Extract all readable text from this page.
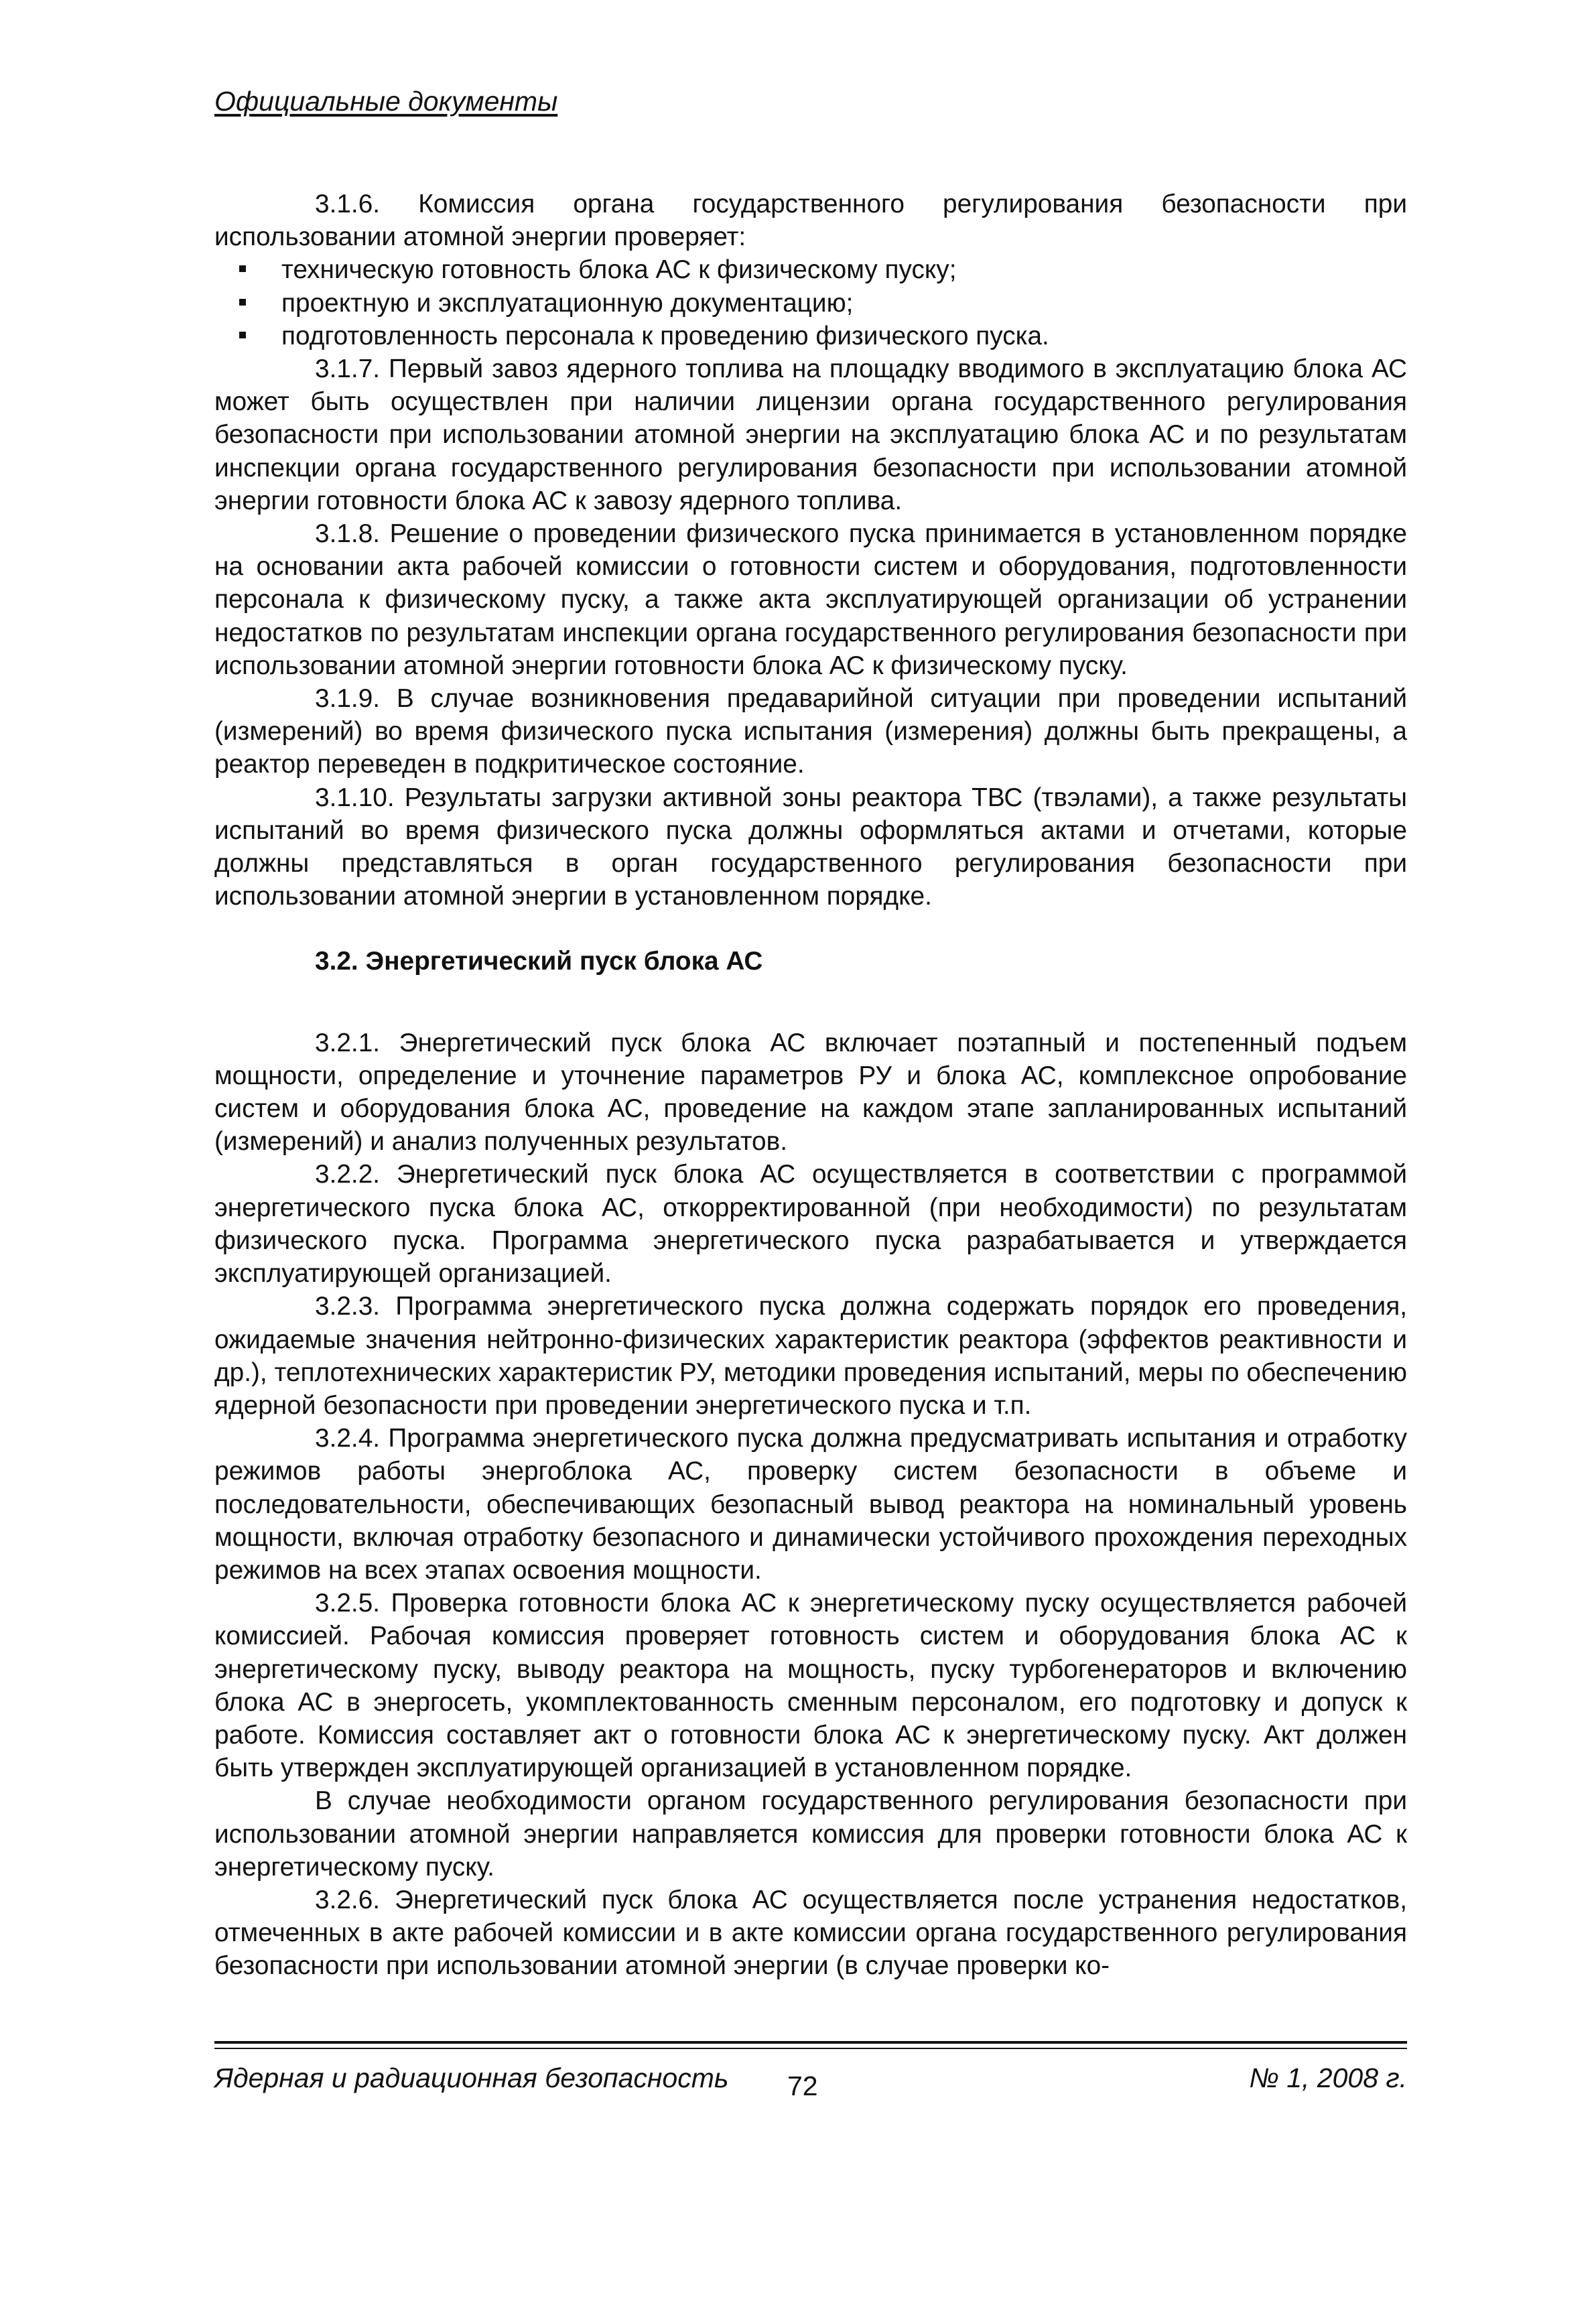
Официальные документы

3.1.6. Комиссия органа государственного регулирования безопасности при использовании атомной энергии проверяет:

техническую готовность блока АС к физическому пуску;
проектную и эксплуатационную документацию;
подготовленность персонала к проведению физического пуска.

3.1.7. Первый завоз ядерного топлива на площадку вводимого в эксплуатацию блока АС может быть осуществлен при наличии лицензии органа государственного регулирования безопасности при использовании атомной энергии на эксплуатацию блока АС и по результатам инспекции органа государственного регулирования безопасности при использовании атомной энергии готовности блока АС к завозу ядерного топлива.

3.1.8. Решение о проведении физического пуска принимается в установленном порядке на основании акта рабочей комиссии о готовности систем и оборудования, подготовленности персонала к физическому пуску, а также акта эксплуатирующей организации об устранении недостатков по результатам инспекции органа государственного регулирования безопасности при использовании атомной энергии готовности блока АС к физическому пуску.

3.1.9. В случае возникновения предаварийной ситуации при проведении испытаний (измерений) во время физического пуска испытания (измерения) должны быть прекращены, а реактор переведен в подкритическое состояние.

3.1.10. Результаты загрузки активной зоны реактора ТВС (твэлами), а также результаты испытаний во время физического пуска должны оформляться актами и отчетами, которые должны представляться в орган государственного регулирования безопасности при использовании атомной энергии в установленном порядке.

3.2. Энергетический пуск блока АС

3.2.1. Энергетический пуск блока АС включает поэтапный и постепенный подъем мощности, определение и уточнение параметров РУ и блока АС, комплексное опробование систем и оборудования блока АС, проведение на каждом этапе запланированных испытаний (измерений) и анализ полученных результатов.

3.2.2. Энергетический пуск блока АС осуществляется в соответствии с программой энергетического пуска блока АС, откорректированной (при необходимости) по результатам физического пуска. Программа энергетического пуска разрабатывается и утверждается эксплуатирующей организацией.

3.2.3. Программа энергетического пуска должна содержать порядок его проведения, ожидаемые значения нейтронно-физических характеристик реактора (эффектов реактивности и др.), теплотехнических характеристик РУ, методики проведения испытаний, меры по обеспечению ядерной безопасности при проведении энергетического пуска и т.п.

3.2.4. Программа энергетического пуска должна предусматривать испытания и отработку режимов работы энергоблока АС, проверку систем безопасности в объеме и последовательности, обеспечивающих безопасный вывод реактора на номинальный уровень мощности, включая отработку безопасного и динамически устойчивого прохождения переходных режимов на всех этапах освоения мощности.

3.2.5. Проверка готовности блока АС к энергетическому пуску осуществляется рабочей комиссией. Рабочая комиссия проверяет готовность систем и оборудования блока АС к энергетическому пуску, выводу реактора на мощность, пуску турбогенераторов и включению блока АС в энергосеть, укомплектованность сменным персоналом, его подготовку и допуск к работе. Комиссия составляет акт о готовности блока АС к энергетическому пуску. Акт должен быть утвержден эксплуатирующей организацией в установленном порядке.

В случае необходимости органом государственного регулирования безопасности при использовании атомной энергии направляется комиссия для проверки готовности блока АС к энергетическому пуску.

3.2.6. Энергетический пуск блока АС осуществляется после устранения недостатков, отмеченных в акте рабочей комиссии и в акте комиссии органа государственного регулирования безопасности при использовании атомной энергии (в случае проверки ко-

Ядерная и радиационная безопасность 72	№ 1, 2008 г.
